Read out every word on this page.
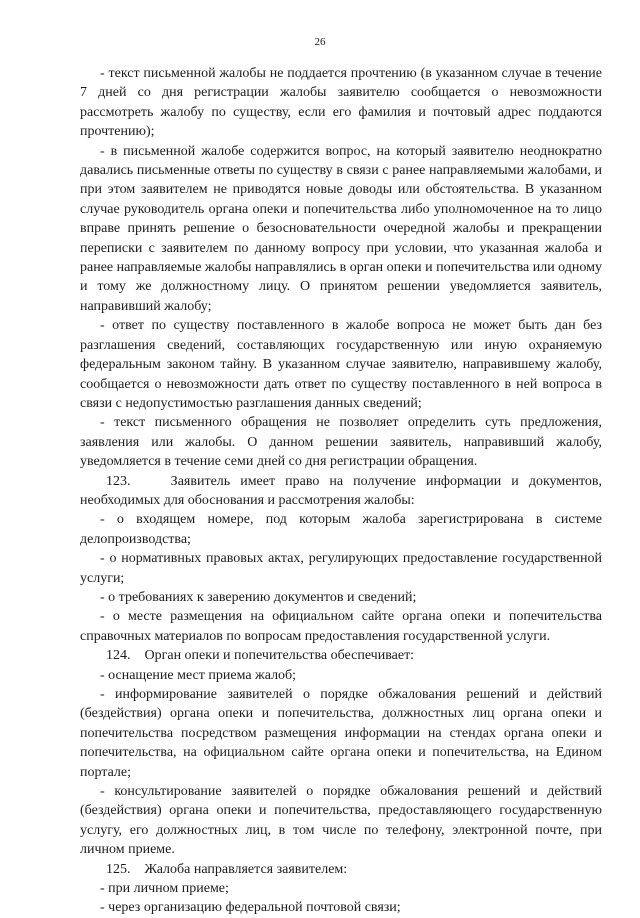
26

- текст письменной жалобы не поддается прочтению (в указанном случае в течение 7 дней со дня регистрации жалобы заявителю сообщается о невозможности рассмотреть жалобу по существу, если его фамилия и почтовый адрес поддаются прочтению);

- в письменной жалобе содержится вопрос, на который заявителю неоднократно давались письменные ответы по существу в связи с ранее направляемыми жалобами, и при этом заявителем не приводятся новые доводы или обстоятельства. В указанном случае руководитель органа опеки и попечительства либо уполномоченное на то лицо вправе принять решение о безосновательности очередной жалобы и прекращении переписки с заявителем по данному вопросу при условии, что указанная жалоба и ранее направляемые жалобы направлялись в орган опеки и попечительства или одному и тому же должностному лицу. О принятом решении уведомляется заявитель, направивший жалобу;

- ответ по существу поставленного в жалобе вопроса не может быть дан без разглашения сведений, составляющих государственную или иную охраняемую федеральным законом тайну. В указанном случае заявителю, направившему жалобу, сообщается о невозможности дать ответ по существу поставленного в ней вопроса в связи с недопустимостью разглашения данных сведений;

- текст письменного обращения не позволяет определить суть предложения, заявления или жалобы. О данном решении заявитель, направивший жалобу, уведомляется в течение семи дней со дня регистрации обращения.

123.    Заявитель имеет право на получение информации и документов, необходимых для обоснования и рассмотрения жалобы:

- о входящем номере, под которым жалоба зарегистрирована в системе делопроизводства;

- о нормативных правовых актах, регулирующих предоставление государственной услуги;

- о требованиях к заверению документов и сведений;

- о месте размещения на официальном сайте органа опеки и попечительства справочных материалов по вопросам предоставления государственной услуги.

124.    Орган опеки и попечительства обеспечивает:

- оснащение мест приема жалоб;

- информирование заявителей о порядке обжалования решений и действий (бездействия) органа опеки и попечительства, должностных лиц органа опеки и попечительства посредством размещения информации на стендах органа опеки и попечительства, на официальном сайте органа опеки и попечительства, на Едином портале;

- консультирование заявителей о порядке обжалования решений и действий (бездействия) органа опеки и попечительства, предоставляющего государственную услугу, его должностных лиц, в том числе по телефону, электронной почте, при личном приеме.

125.    Жалоба направляется заявителем:

- при личном приеме;

- через организацию федеральной почтовой связи;
